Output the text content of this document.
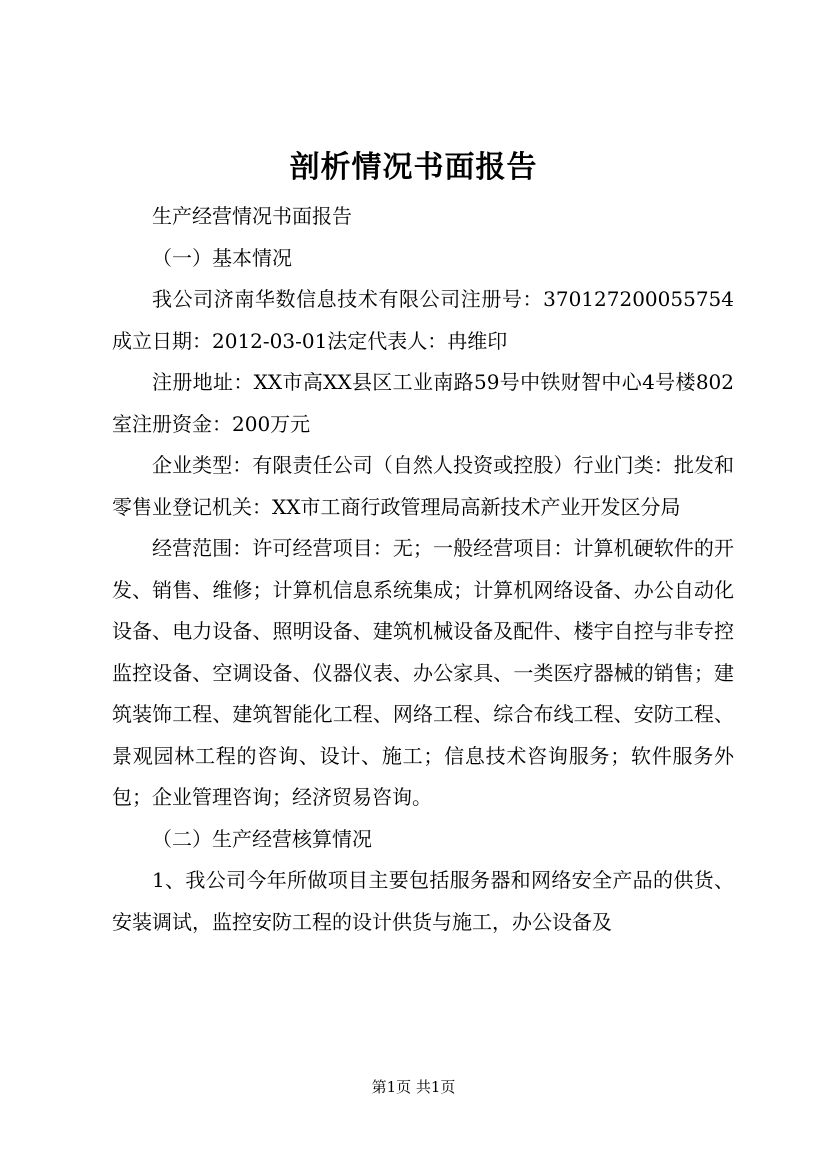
剖析情况书面报告

生产经营情况书面报告

（一）基本情况

我公司济南华数信息技术有限公司注册号：370127200055754成立日期：2012-03-01法定代表人：冉维印

注册地址：XX市高XX县区工业南路59号中铁财智中心4号楼802室注册资金：200万元

企业类型：有限责任公司（自然人投资或控股）行业门类：批发和零售业登记机关：XX市工商行政管理局高新技术产业开发区分局

经营范围：许可经营项目：无；一般经营项目：计算机硬软件的开发、销售、维修；计算机信息系统集成；计算机网络设备、办公自动化设备、电力设备、照明设备、建筑机械设备及配件、楼宇自控与非专控监控设备、空调设备、仪器仪表、办公家具、一类医疗器械的销售；建筑装饰工程、建筑智能化工程、网络工程、综合布线工程、安防工程、景观园林工程的咨询、设计、施工；信息技术咨询服务；软件服务外包；企业管理咨询；经济贸易咨询。

（二）生产经营核算情况

1、我公司今年所做项目主要包括服务器和网络安全产品的供货、安装调试，监控安防工程的设计供货与施工，办公设备及

第1页 共1页
